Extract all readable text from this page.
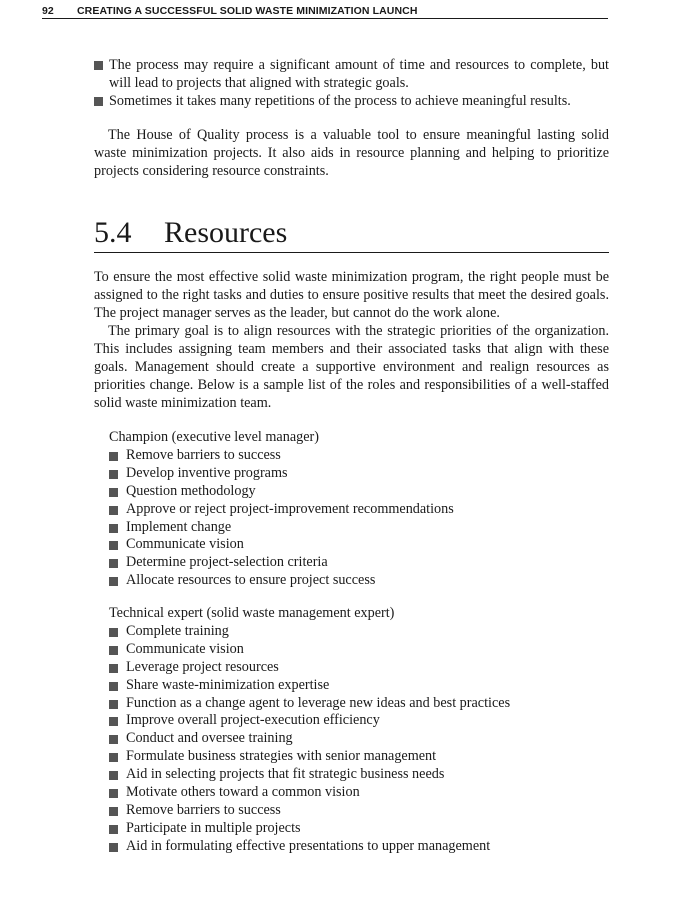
92 CREATING A SUCCESSFUL SOLID WASTE MINIMIZATION LAUNCH
The process may require a significant amount of time and resources to complete, but will lead to projects that aligned with strategic goals.
Sometimes it takes many repetitions of the process to achieve meaningful results.

The House of Quality process is a valuable tool to ensure meaningful lasting solid waste minimization projects. It also aids in resource planning and helping to prioritize projects considering resource constraints.

5.4 Resources

To ensure the most effective solid waste minimization program, the right people must be assigned to the right tasks and duties to ensure positive results that meet the desired goals. The project manager serves as the leader, but cannot do the work alone.

The primary goal is to align resources with the strategic priorities of the organization. This includes assigning team members and their associated tasks that align with these goals. Management should create a supportive environment and realign resources as priorities change. Below is a sample list of the roles and responsibilities of a well-staffed solid waste minimization team.

Champion (executive level manager)
Remove barriers to success
Develop inventive programs
Question methodology
Approve or reject project-improvement recommendations
Implement change
Communicate vision
Determine project-selection criteria
Allocate resources to ensure project success
Technical expert (solid waste management expert)
Complete training
Communicate vision
Leverage project resources
Share waste-minimization expertise
Function as a change agent to leverage new ideas and best practices
Improve overall project-execution efficiency
Conduct and oversee training
Formulate business strategies with senior management
Aid in selecting projects that fit strategic business needs
Motivate others toward a common vision
Remove barriers to success
Participate in multiple projects
Aid in formulating effective presentations to upper management
